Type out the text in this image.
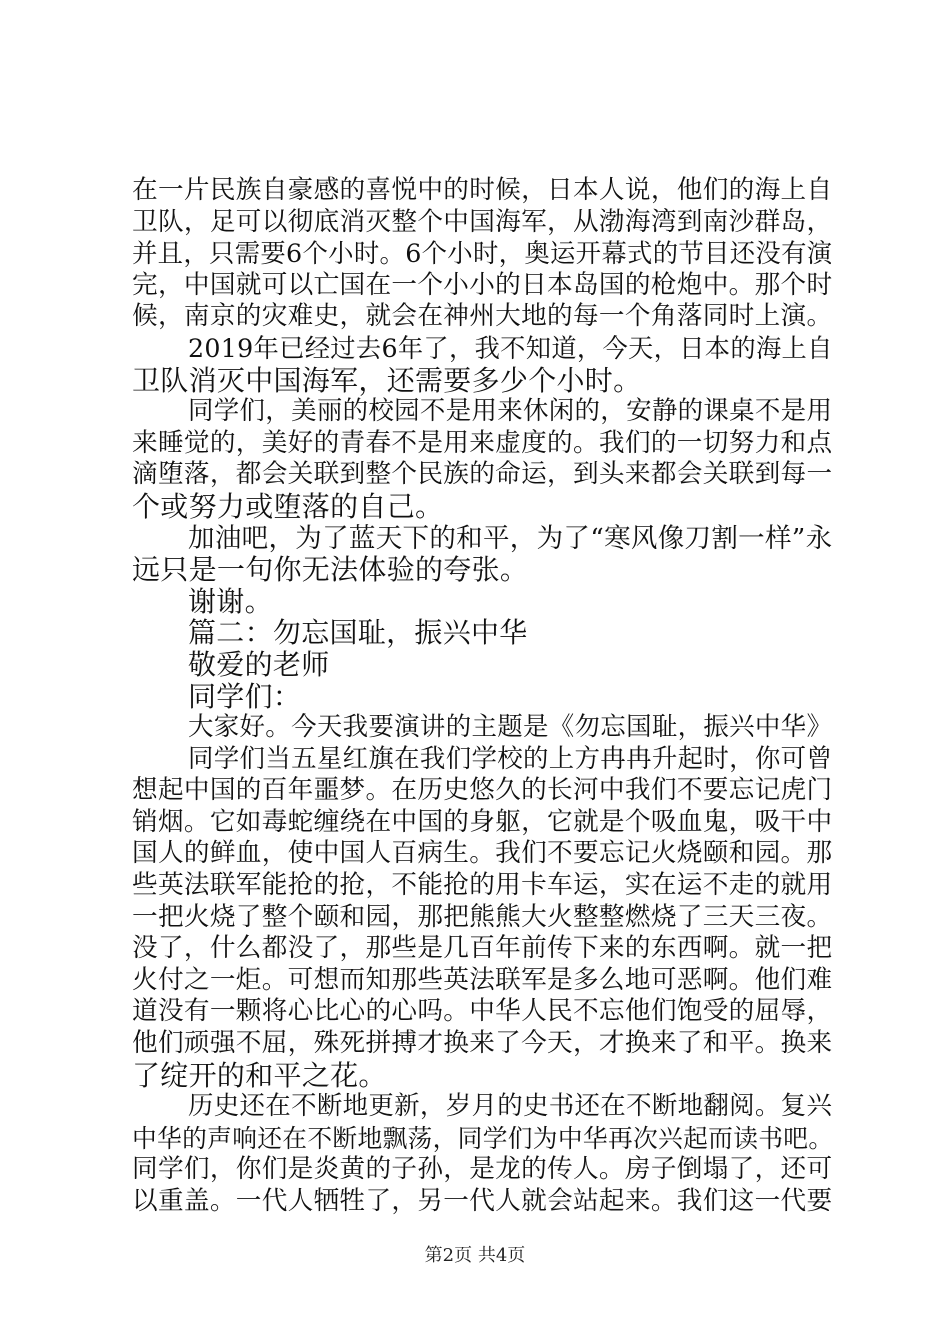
在一片民族自豪感的喜悦中的时候，日本人说，他们的海上自
卫队，足可以彻底消灭整个中国海军，从渤海湾到南沙群岛，
并且，只需要6个小时。6个小时，奥运开幕式的节目还没有演
完，中国就可以亡国在一个小小的日本岛国的枪炮中。那个时
候，南京的灾难史，就会在神州大地的每一个角落同时上演。
2019年已经过去6年了，我不知道，今天，日本的海上自
卫队消灭中国海军，还需要多少个小时。
同学们，美丽的校园不是用来休闲的，安静的课桌不是用
来睡觉的，美好的青春不是用来虚度的。我们的一切努力和点
滴堕落，都会关联到整个民族的命运，到头来都会关联到每一
个或努力或堕落的自己。
加油吧，为了蓝天下的和平，为了“寒风像刀割一样”永
远只是一句你无法体验的夸张。
谢谢。
篇二：勿忘国耻，振兴中华
敬爱的老师
同学们：
大家好。今天我要演讲的主题是《勿忘国耻，振兴中华》
同学们当五星红旗在我们学校的上方冉冉升起时，你可曾
想起中国的百年噩梦。在历史悠久的长河中我们不要忘记虎门
销烟。它如毒蛇缠绕在中国的身躯，它就是个吸血鬼，吸干中
国人的鲜血，使中国人百病生。我们不要忘记火烧颐和园。那
些英法联军能抢的抢，不能抢的用卡车运，实在运不走的就用
一把火烧了整个颐和园，那把熊熊大火整整燃烧了三天三夜。
没了，什么都没了，那些是几百年前传下来的东西啊。就一把
火付之一炬。可想而知那些英法联军是多么地可恶啊。他们难
道没有一颗将心比心的心吗。中华人民不忘他们饱受的屈辱，
他们顽强不屈，殊死拼搏才换来了今天，才换来了和平。换来
了绽开的和平之花。
历史还在不断地更新，岁月的史书还在不断地翻阅。复兴
中华的声响还在不断地飘荡，同学们为中华再次兴起而读书吧。
同学们，你们是炎黄的子孙，是龙的传人。房子倒塌了，还可
以重盖。一代人牺牲了，另一代人就会站起来。我们这一代要
第2页 共4页
